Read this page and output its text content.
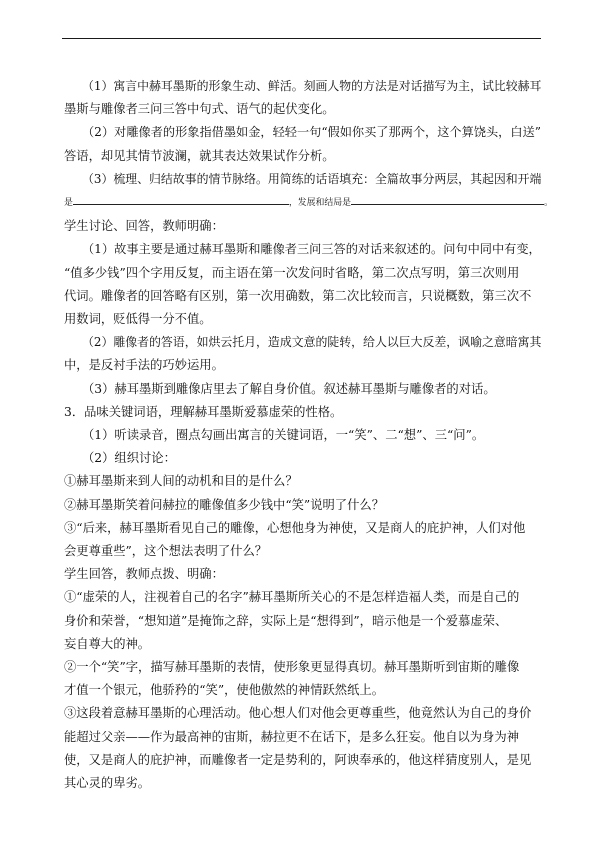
（1）寓言中赫耳墨斯的形象生动、鲜活。刻画人物的方法是对话描写为主，试比较赫耳

墨斯与雕像者三问三答中句式、语气的起伏变化。

（2）对雕像者的形象指借墨如金，轻轻一句“假如你买了那两个，这个算饶头，白送”

答语，却见其情节波澜，就其表达效果试作分析。

（3）梳理、归结故事的情节脉络。用简练的话语填充：全篇故事分两层，其起因和开端

是	，发展和结局是	。

学生讨论、回答，教师明确：

（1）故事主要是通过赫耳墨斯和雕像者三问三答的对话来叙述的。问句中同中有变，

“值多少钱”四个字用反复，而主语在第一次发问时省略，第二次点写明，第三次则用

代词。雕像者的回答略有区别，第一次用确数，第二次比较而言，只说概数，第三次不

用数词，贬低得一分不值。

（2）雕像者的答语，如烘云托月，造成文意的陡转，给人以巨大反差，讽喻之意暗寓其

中，是反衬手法的巧妙运用。

（3）赫耳墨斯到雕像店里去了解自身价值。叙述赫耳墨斯与雕像者的对话。

3．品味关键词语，理解赫耳墨斯爱慕虚荣的性格。

（1）听读录音，圈点勾画出寓言的关键词语，一“笑”、二“想”、三“问”。

（2）组织讨论：

①赫耳墨斯来到人间的动机和目的是什么？

②赫耳墨斯笑着问赫拉的雕像值多少钱中“笑”说明了什么？

③“后来，赫耳墨斯看见自己的雕像，心想他身为神使，又是商人的庇护神，人们对他

会更尊重些”，这个想法表明了什么？

学生回答，教师点拨、明确：

①“虚荣的人，注视着自己的名字”赫耳墨斯所关心的不是怎样造福人类，而是自己的

身价和荣誉，“想知道”是掩饰之辞，实际上是“想得到”，暗示他是一个爱慕虚荣、

妄自尊大的神。

②一个“笑”字，描写赫耳墨斯的表情，使形象更显得真切。赫耳墨斯听到宙斯的雕像

才值一个银元，他骄矜的“笑”，使他傲然的神情跃然纸上。

③这段着意赫耳墨斯的心理活动。他心想人们对他会更尊重些，他竟然认为自己的身价

能超过父亲——作为最高神的宙斯，赫拉更不在话下，是多么狂妄。他自以为身为神

使，又是商人的庇护神，而雕像者一定是势利的，阿谀奉承的，他这样猜度别人，是见

其心灵的卑劣。
